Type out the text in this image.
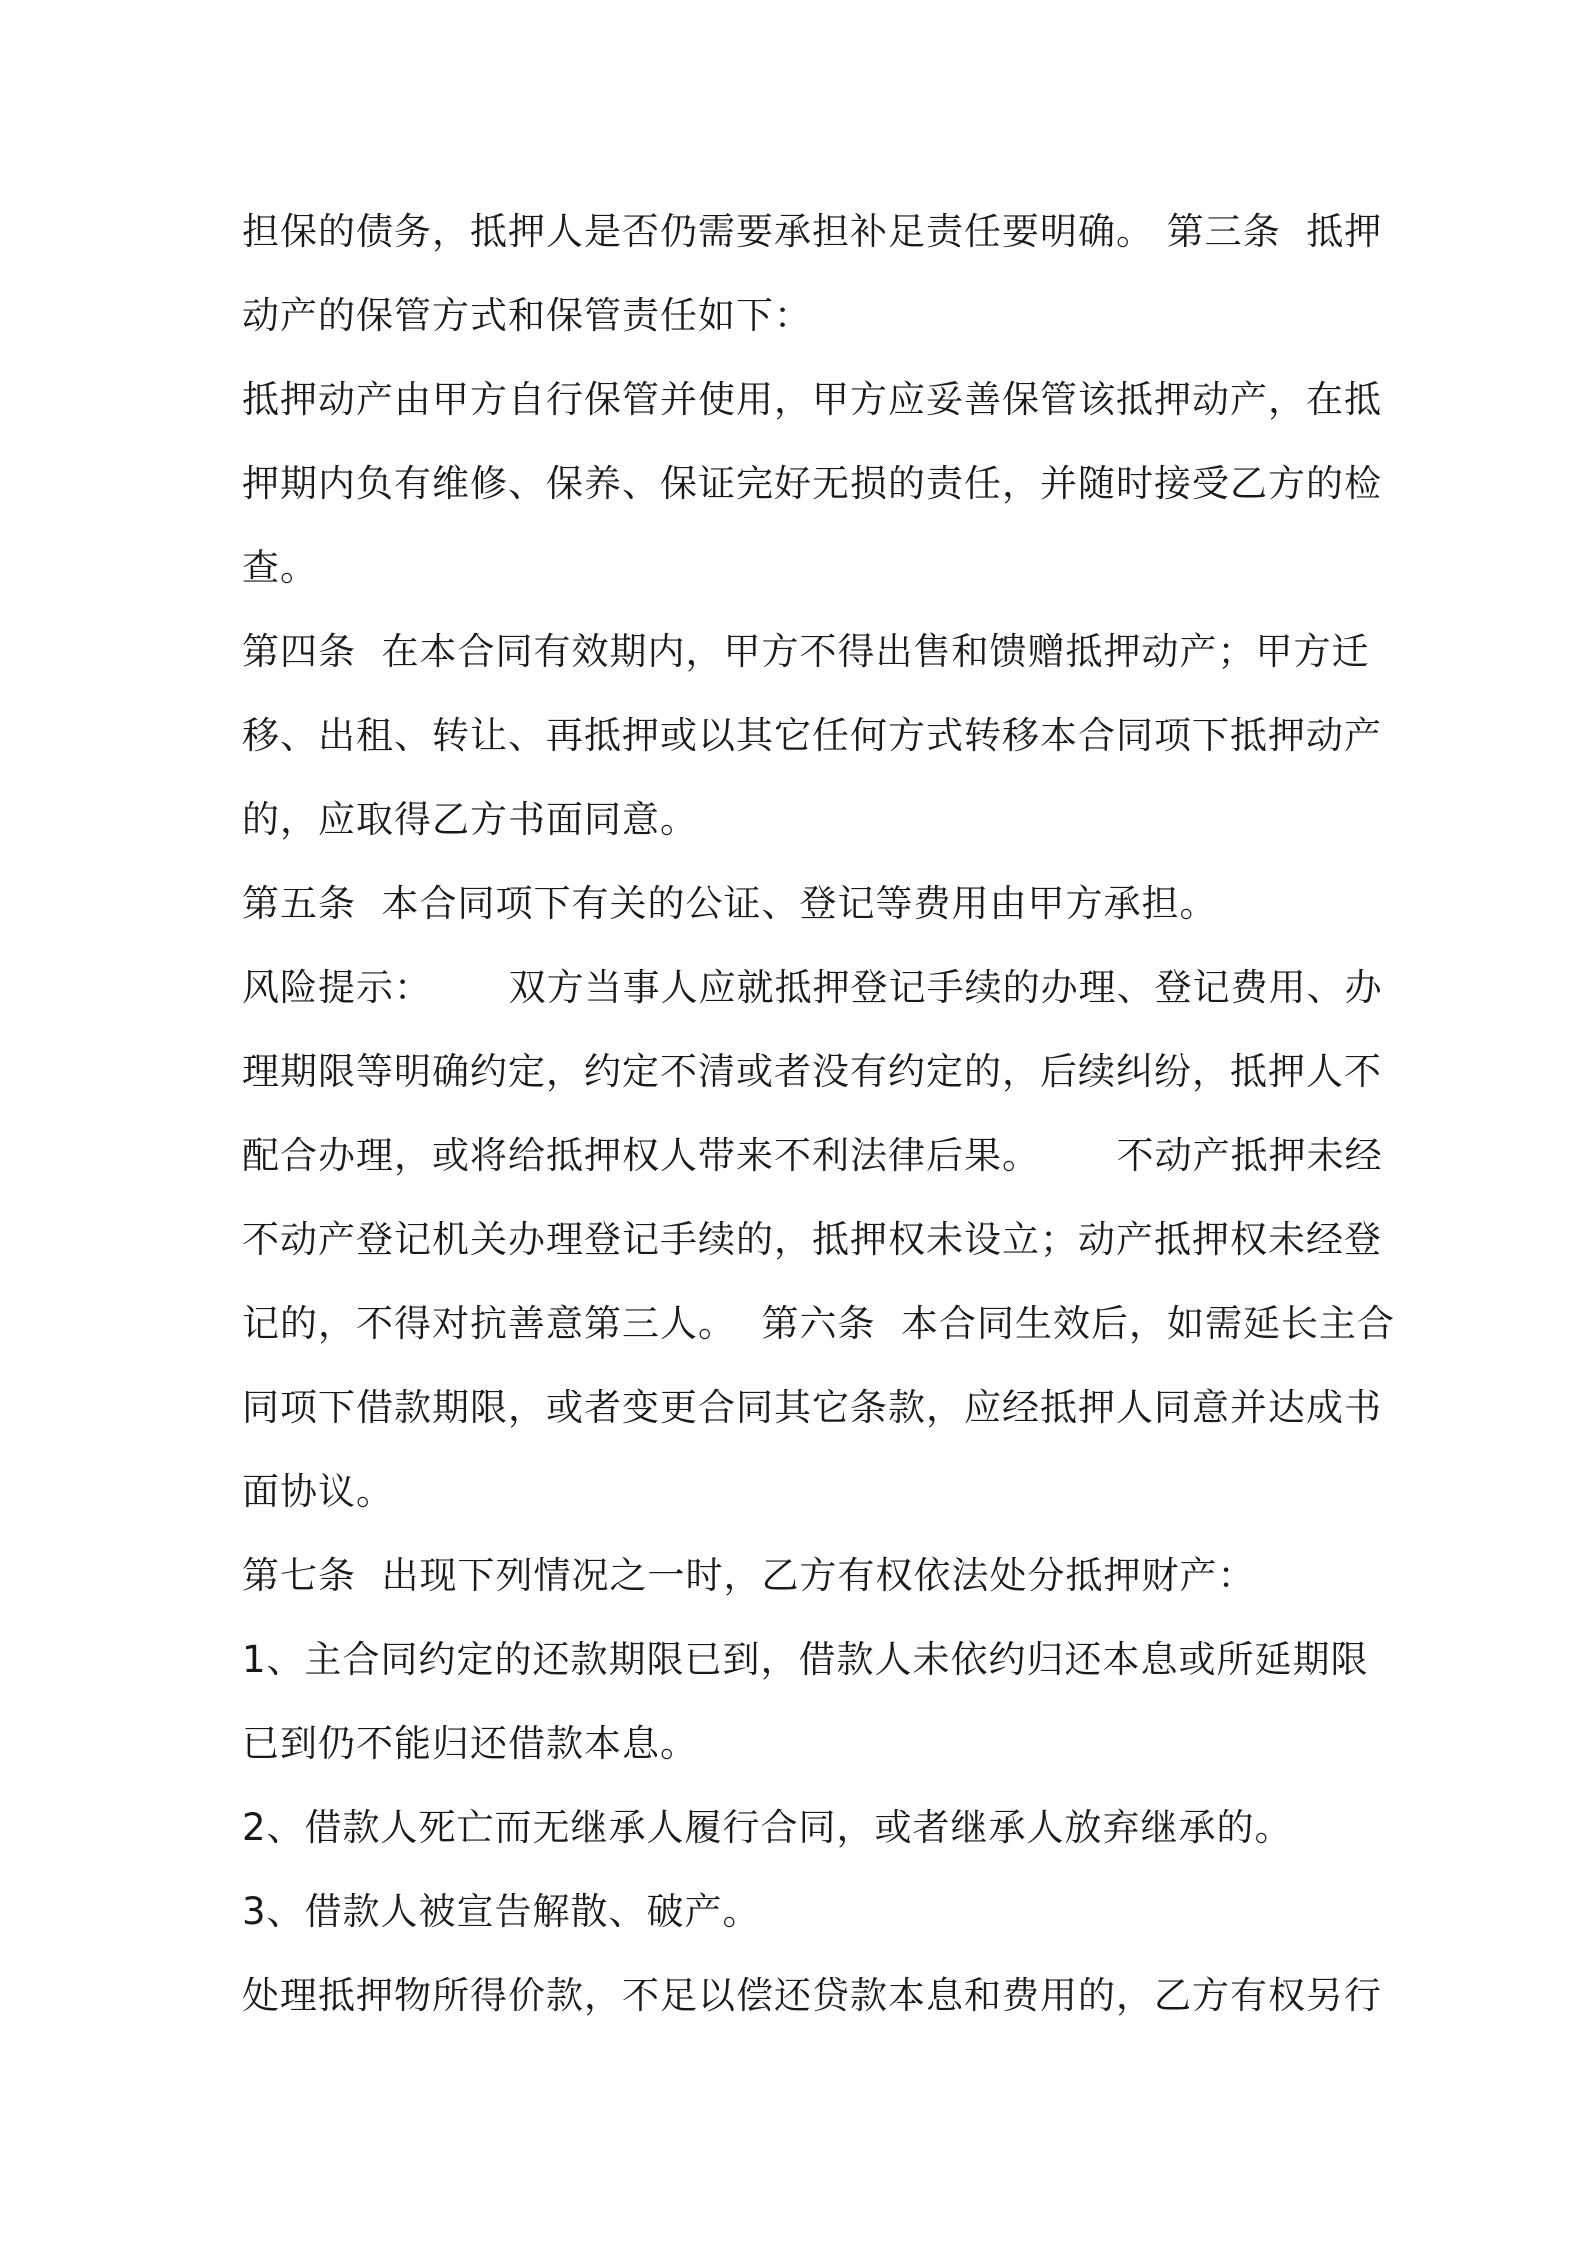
担保的债务，抵押人是否仍需要承担补足责任要明确。 第三条  抵押
动产的保管方式和保管责任如下：
抵押动产由甲方自行保管并使用，甲方应妥善保管该抵押动产，在抵
押期内负有维修、保养、保证完好无损的责任，并随时接受乙方的检
查。
第四条  在本合同有效期内，甲方不得出售和馈赠抵押动产；甲方迁
移、出租、转让、再抵押或以其它任何方式转移本合同项下抵押动产
的，应取得乙方书面同意。
第五条  本合同项下有关的公证、登记等费用由甲方承担。
风险提示：      双方当事人应就抵押登记手续的办理、登记费用、办
理期限等明确约定，约定不清或者没有约定的，后续纠纷，抵押人不
配合办理，或将给抵押权人带来不利法律后果。      不动产抵押未经
不动产登记机关办理登记手续的，抵押权未设立；动产抵押权未经登
记的，不得对抗善意第三人。  第六条  本合同生效后，如需延长主合
同项下借款期限，或者变更合同其它条款，应经抵押人同意并达成书
面协议。
第七条  出现下列情况之一时，乙方有权依法处分抵押财产：
1、主合同约定的还款期限已到，借款人未依约归还本息或所延期限
已到仍不能归还借款本息。
2、借款人死亡而无继承人履行合同，或者继承人放弃继承的。
3、借款人被宣告解散、破产。
处理抵押物所得价款，不足以偿还贷款本息和费用的，乙方有权另行
